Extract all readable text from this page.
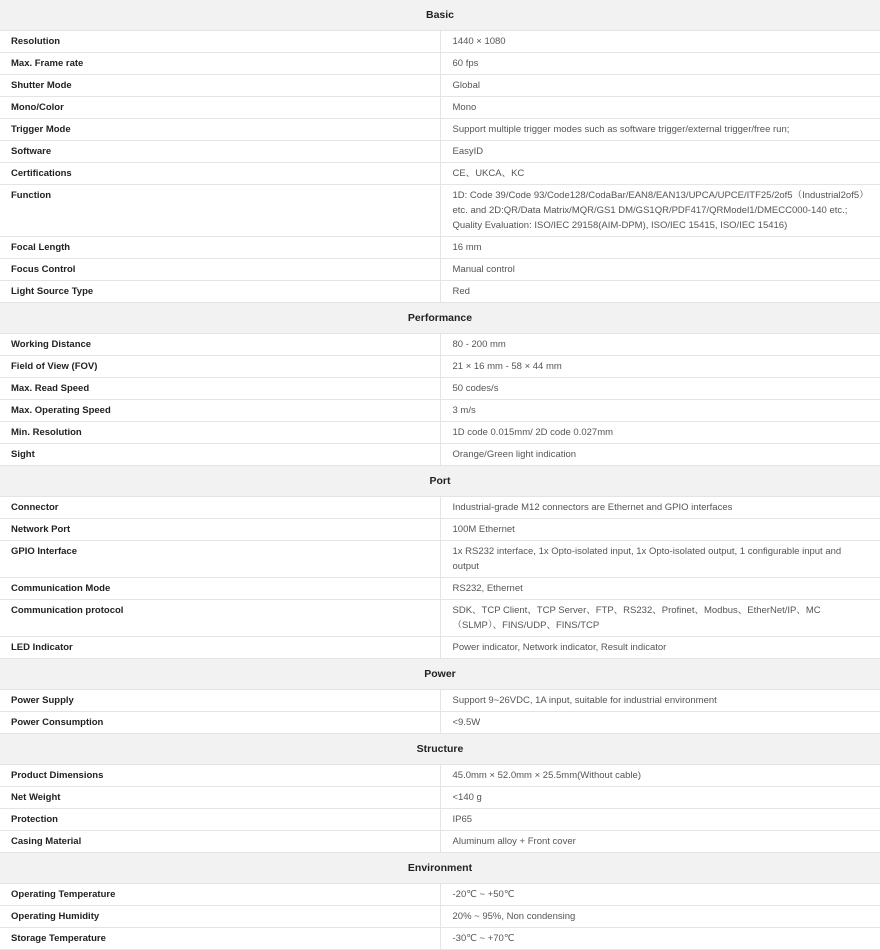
Basic	
Resolution	1440 × 1080
Max. Frame rate	60 fps
Shutter Mode	Global
Mono/Color	Mono
Trigger Mode	Support multiple trigger modes such as software trigger/external trigger/free run;
Software	EasyID
Certifications	CE、UKCA、KC
Function	1D: Code 39/Code 93/Code128/CodaBar/EAN8/EAN13/UPCA/UPCE/ITF25/2of5（Industrial2of5）etc. and 2D:QR/Data Matrix/MQR/GS1 DM/GS1QR/PDF417/QRModel1/DMECC000-140 etc.; Quality Evaluation: ISO/IEC 29158(AIM-DPM), ISO/IEC 15415, ISO/IEC 15416)
Focal Length	16 mm
Focus Control	Manual control
Light Source Type	Red
Performance	
Working Distance	80 - 200 mm
Field of View (FOV)	21 × 16 mm - 58 × 44 mm
Max. Read Speed	50 codes/s
Max. Operating Speed	3 m/s
Min. Resolution	1D code 0.015mm/ 2D code 0.027mm
Sight	Orange/Green light indication
Port	
Connector	Industrial-grade M12 connectors are Ethernet and GPIO interfaces
Network Port	100M Ethernet
GPIO Interface	1x RS232 interface, 1x Opto-isolated input, 1x Opto-isolated output, 1 configurable input and output
Communication Mode	RS232, Ethernet
Communication protocol	SDK、TCP Client、TCP Server、FTP、RS232、Profinet、Modbus、EtherNet/IP、MC（SLMP）、FINS/UDP、FINS/TCP
LED Indicator	Power indicator, Network indicator, Result indicator
Power	
Power Supply	Support 9~26VDC, 1A input, suitable for industrial environment
Power Consumption	<9.5W
Structure	
Product Dimensions	45.0mm × 52.0mm × 25.5mm(Without cable)
Net Weight	<140 g
Protection	IP65
Casing Material	Aluminum alloy + Front cover
Environment	
Operating Temperature	-20℃ ~ +50℃
Operating Humidity	20% ~ 95%, Non condensing
Storage Temperature	-30℃ ~ +70℃
